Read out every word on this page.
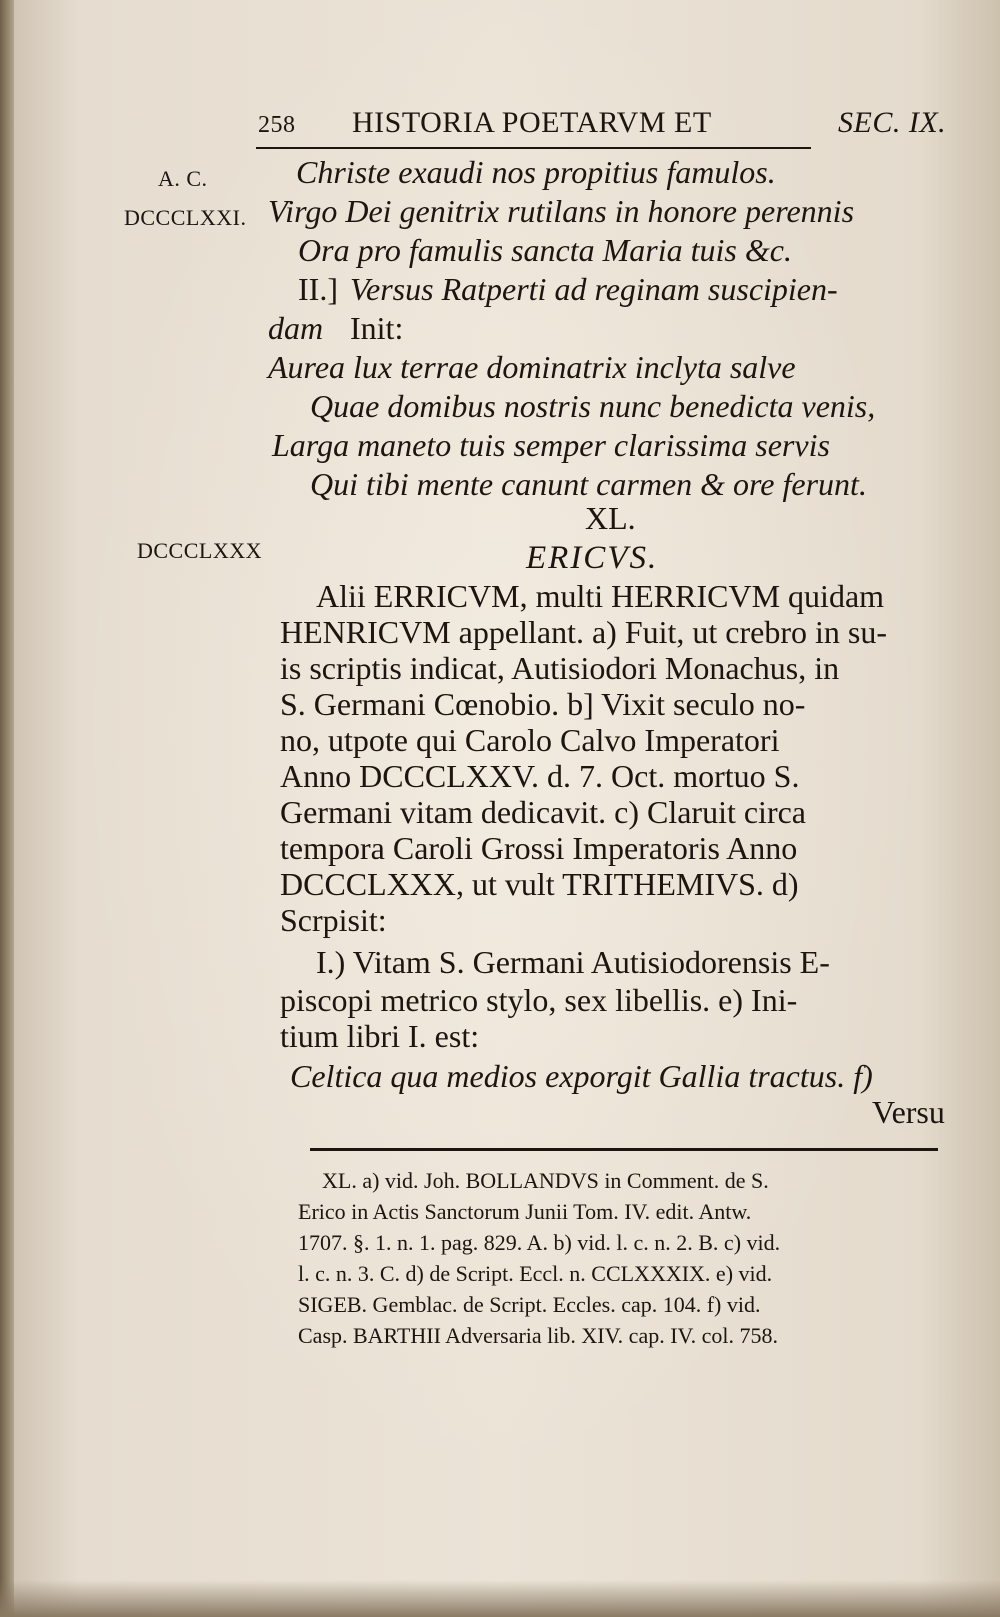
258 HISTORIA POETARVM ET	SEC. IX.
A. C.
DCCCLXXI.
DCCCLXXX
Christe exaudi nos propitius famulos.
Virgo Dei genitrix rutilans in honore perennis
Ora pro famulis sancta Maria tuis &c.
II.] Versus Ratperti ad reginam suscipien-
dam Init:
Aurea lux terrae dominatrix inclyta salve
Quae domibus nostris nunc benedicta venis,
Larga maneto tuis semper clarissima servis
Qui tibi mente canunt carmen & ore ferunt.
XL.
ERICVS.
Alii ERRICVM, multi HERRICVM quidam
HENRICVM appellant. a) Fuit, ut crebro in su-
is scriptis indicat, Autisiodori Monachus, in
S. Germani Cœnobio. b] Vixit seculo no-
no, utpote qui Carolo Calvo Imperatori
Anno DCCCLXXV. d. 7. Oct. mortuo S.
Germani vitam dedicavit. c) Claruit circa
tempora Caroli Grossi Imperatoris Anno
DCCCLXXX, ut vult TRITHEMIVS. d)
Scrpisit:
I.) Vitam S. Germani Autisiodorensis E-
piscopi metrico stylo, sex libellis. e) Ini-
tium libri I. est:
Celtica qua medios exporgit Gallia tractus. f)
Versu
XL. a) vid. Joh. BOLLANDVS in Comment. de S.
Erico in Actis Sanctorum Junii Tom. IV. edit. Antw.
1707. §. 1. n. 1. pag. 829. A. b) vid. l. c. n. 2. B. c) vid.
l. c. n. 3. C. d) de Script. Eccl. n. CCLXXXIX. e) vid.
SIGEB. Gemblac. de Script. Eccles. cap. 104. f) vid.
Casp. BARTHII Adversaria lib. XIV. cap. IV. col. 758.
